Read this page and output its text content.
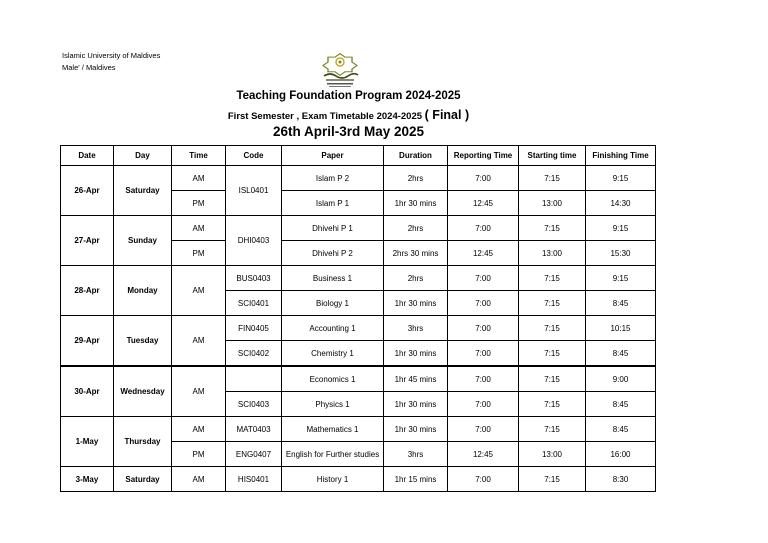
Islamic University of Maldives
Male' / Maldives
Teaching Foundation Program 2024-2025
First Semester , Exam Timetable 2024-2025 ( Final )
26th April-3rd May 2025
Date	Day	Time	Code	Paper	Duration	Reporting Time	Starting time	Finishing Time
26-Apr	Saturday	AM	ISL0401	Islam P 2	2hrs	7:00	7:15	9:15
		PM		Islam P 1	1hr 30 mins	12:45	13:00	14:30
27-Apr	Sunday	AM	DHI0403	Dhivehi P 1	2hrs	7:00	7:15	9:15
		PM		Dhivehi P 2	2hrs 30 mins	12:45	13:00	15:30
28-Apr	Monday	AM	BUS0403	Business 1	2hrs	7:00	7:15	9:15
			SCI0401	Biology 1	1hr 30 mins	7:00	7:15	8:45
29-Apr	Tuesday	AM	FIN0405	Accounting 1	3hrs	7:00	7:15	10:15
			SCI0402	Chemistry 1	1hr 30 mins	7:00	7:15	8:45
30-Apr	Wednesday	AM		Economics 1	1hr 45 mins	7:00	7:15	9:00
			SCI0403	Physics 1	1hr 30 mins	7:00	7:15	8:45
1-May	Thursday	AM	MAT0403	Mathematics 1	1hr 30 mins	7:00	7:15	8:45
		PM	ENG0407	English for Further studies	3hrs	12:45	13:00	16:00
3-May	Saturday	AM	HIS0401	History 1	1hr 15 mins	7:00	7:15	8:30
